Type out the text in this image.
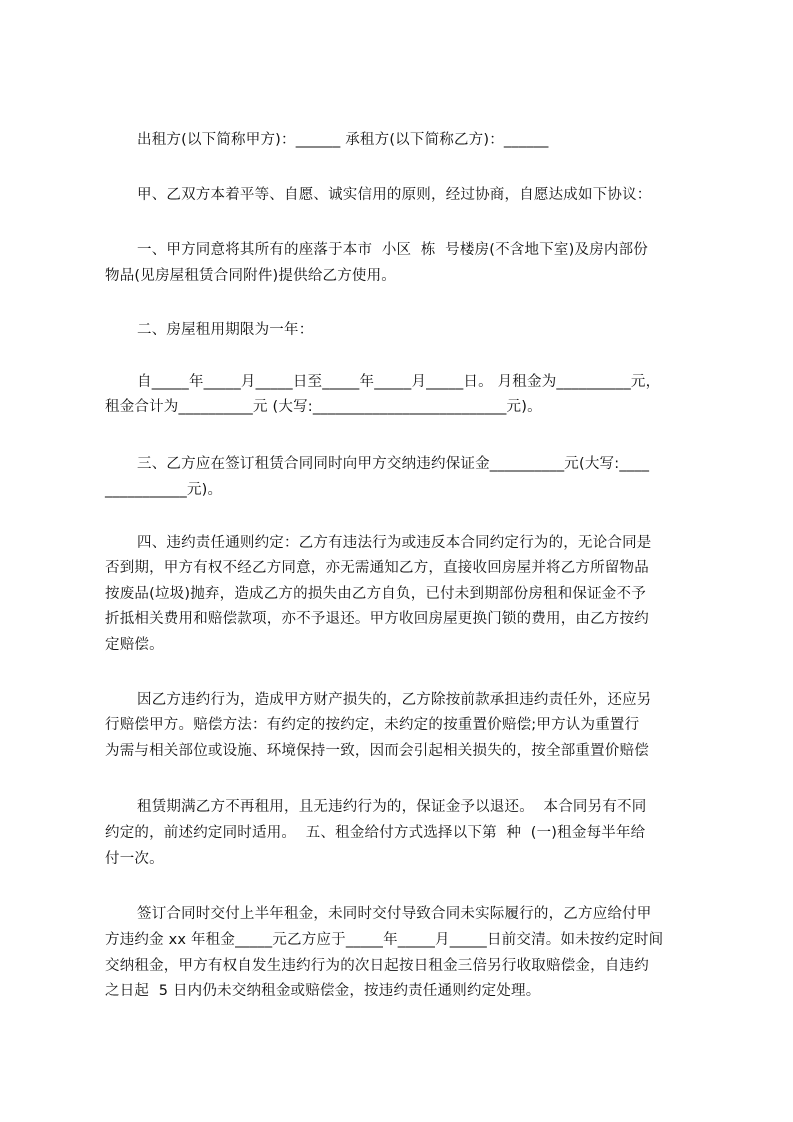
出租方(以下简称甲方)：______ 承租方(以下简称乙方)：______
甲、乙双方本着平等、自愿、诚实信用的原则，经过协商，自愿达成如下协议：
一、甲方同意将其所有的座落于本市  小区  栋  号楼房(不含地下室)及房内部份
物品(见房屋租赁合同附件)提供给乙方使用。
二、房屋租用期限为一年：
自_____年_____月_____日至_____年_____月_____日。 月租金为__________元，
租金合计为__________元 (大写:__________________________元)。
三、乙方应在签订租赁合同同时向甲方交纳违约保证金__________元(大写:____
___________元)。
四、违约责任通则约定：乙方有违法行为或违反本合同约定行为的，无论合同是
否到期，甲方有权不经乙方同意，亦无需通知乙方，直接收回房屋并将乙方所留物品
按废品(垃圾)抛弃，造成乙方的损失由乙方自负，已付未到期部份房租和保证金不予
折抵相关费用和赔偿款项，亦不予退还。甲方收回房屋更换门锁的费用，由乙方按约
定赔偿。
因乙方违约行为，造成甲方财产损失的，乙方除按前款承担违约责任外，还应另
行赔偿甲方。赔偿方法：有约定的按约定，未约定的按重置价赔偿;甲方认为重置行
为需与相关部位或设施、环境保持一致，因而会引起相关损失的，按全部重置价赔偿
租赁期满乙方不再租用，且无违约行为的，保证金予以退还。  本合同另有不同
约定的，前述约定同时适用。  五、租金给付方式选择以下第  种  (一)租金每半年给
付一次。
签订合同时交付上半年租金，未同时交付导致合同未实际履行的，乙方应给付甲
方违约金 xx 年租金_____元乙方应于_____年_____月_____日前交清。如未按约定时间
交纳租金，甲方有权自发生违约行为的次日起按日租金三倍另行收取赔偿金，自违约
之日起  5 日内仍未交纳租金或赔偿金，按违约责任通则约定处理。
